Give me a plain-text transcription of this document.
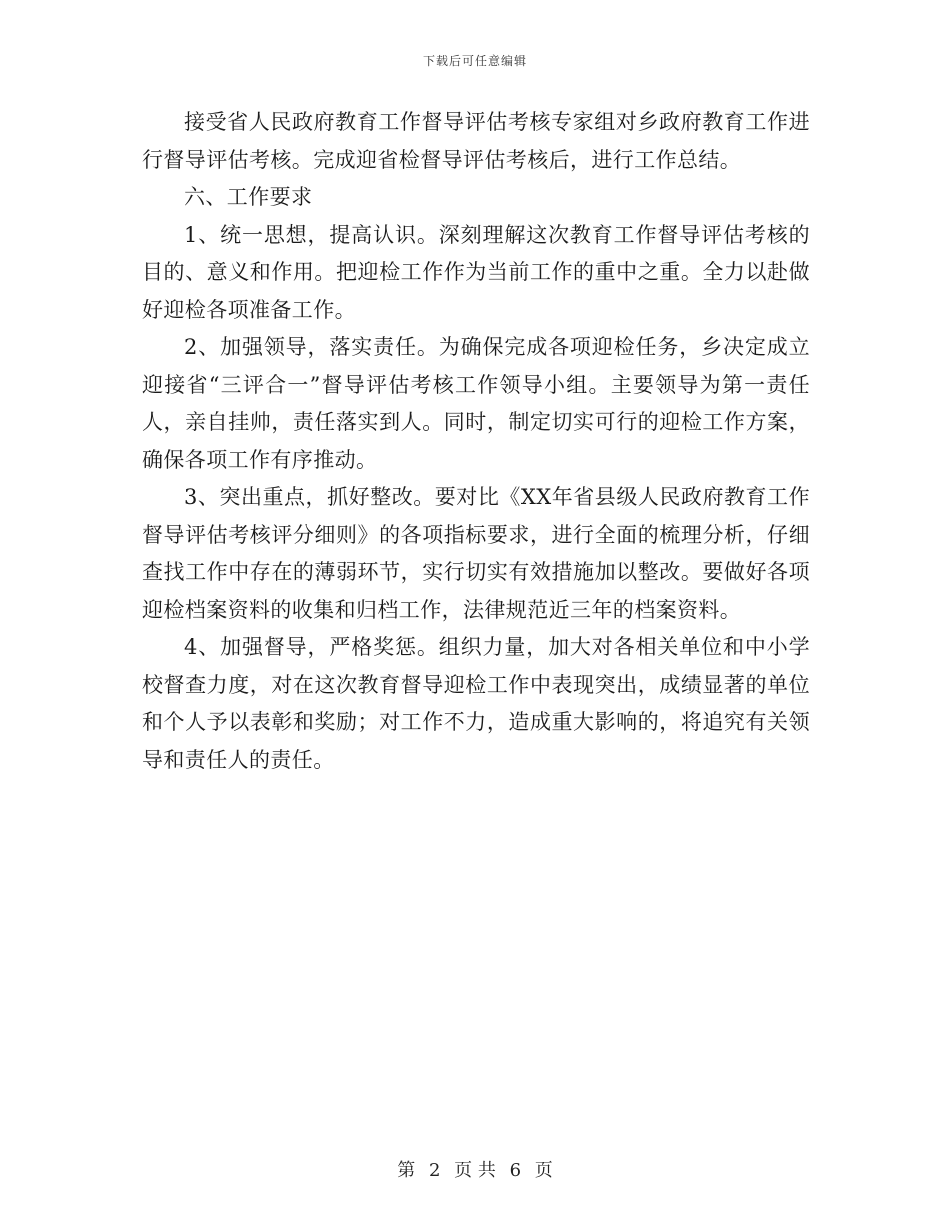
下载后可任意编辑

接受省人民政府教育工作督导评估考核专家组对乡政府教育工作进行督导评估考核。完成迎省检督导评估考核后，进行工作总结。

六、工作要求

1、统一思想，提高认识。深刻理解这次教育工作督导评估考核的目的、意义和作用。把迎检工作作为当前工作的重中之重。全力以赴做好迎检各项准备工作。

2、加强领导，落实责任。为确保完成各项迎检任务，乡决定成立迎接省“三评合一”督导评估考核工作领导小组。主要领导为第一责任人，亲自挂帅，责任落实到人。同时，制定切实可行的迎检工作方案，确保各项工作有序推动。

3、突出重点，抓好整改。要对比《XX年省县级人民政府教育工作督导评估考核评分细则》的各项指标要求，进行全面的梳理分析，仔细查找工作中存在的薄弱环节，实行切实有效措施加以整改。要做好各项迎检档案资料的收集和归档工作，法律规范近三年的档案资料。

4、加强督导，严格奖惩。组织力量，加大对各相关单位和中小学校督查力度，对在这次教育督导迎检工作中表现突出，成绩显著的单位和个人予以表彰和奖励；对工作不力，造成重大影响的，将追究有关领导和责任人的责任。

第 2 页 共 6 页
